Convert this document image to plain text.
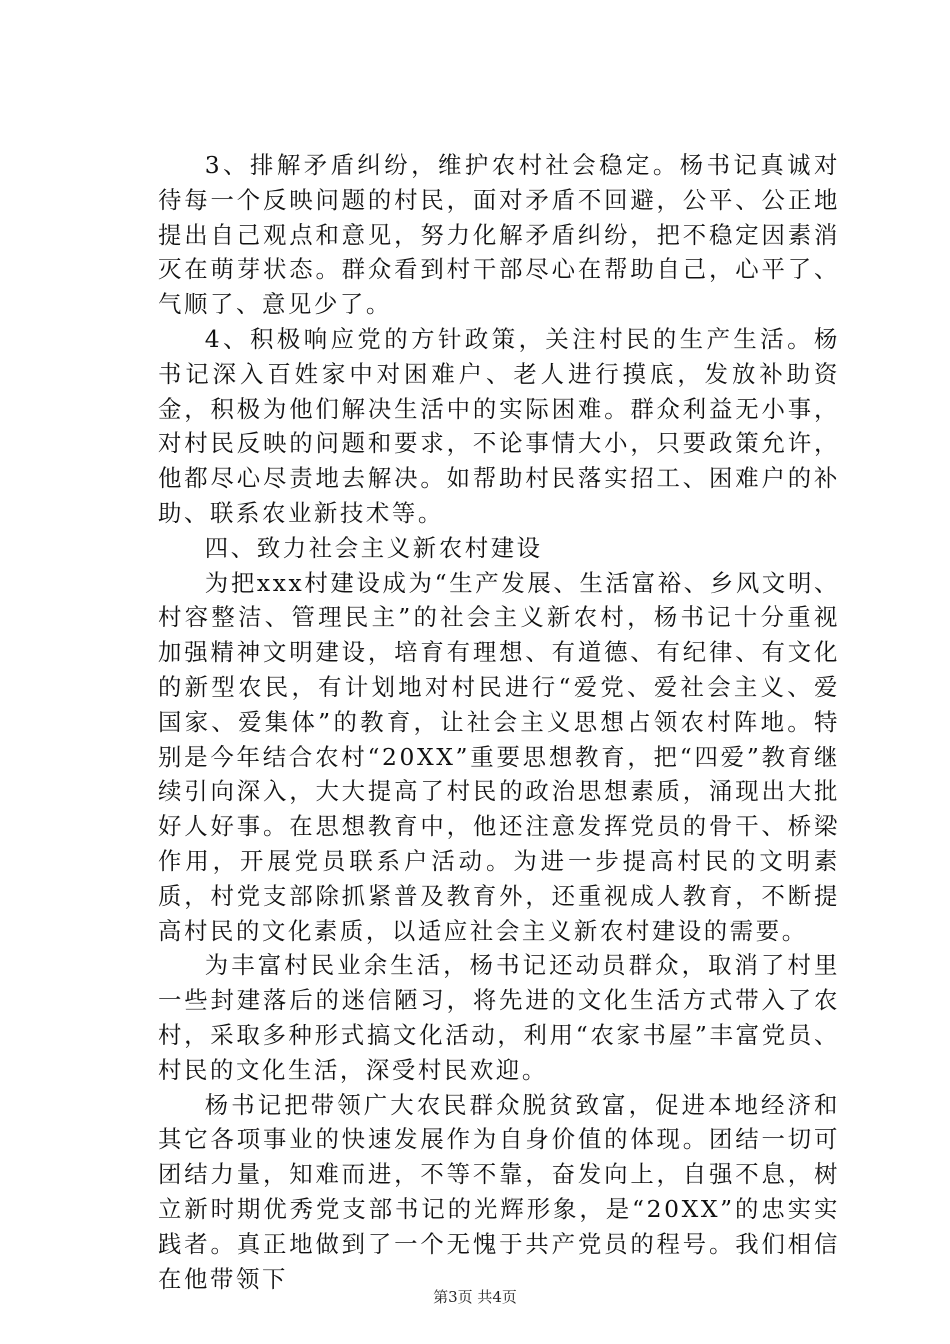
3、排解矛盾纠纷，维护农村社会稳定。杨书记真诚对待每一个反映问题的村民，面对矛盾不回避，公平、公正地提出自己观点和意见，努力化解矛盾纠纷，把不稳定因素消灭在萌芽状态。群众看到村干部尽心在帮助自己，心平了、气顺了、意见少了。

4、积极响应党的方针政策，关注村民的生产生活。杨书记深入百姓家中对困难户、老人进行摸底，发放补助资金，积极为他们解决生活中的实际困难。群众利益无小事，对村民反映的问题和要求，不论事情大小，只要政策允许，他都尽心尽责地去解决。如帮助村民落实招工、困难户的补助、联系农业新技术等。

四、致力社会主义新农村建设

为把xxx村建设成为“生产发展、生活富裕、乡风文明、村容整洁、管理民主”的社会主义新农村，杨书记十分重视加强精神文明建设，培育有理想、有道德、有纪律、有文化的新型农民，有计划地对村民进行“爱党、爱社会主义、爱国家、爱集体”的教育，让社会主义思想占领农村阵地。特别是今年结合农村“20XX”重要思想教育，把“四爱”教育继续引向深入，大大提高了村民的政治思想素质，涌现出大批好人好事。在思想教育中，他还注意发挥党员的骨干、桥梁作用，开展党员联系户活动。为进一步提高村民的文明素质，村党支部除抓紧普及教育外，还重视成人教育，不断提高村民的文化素质，以适应社会主义新农村建设的需要。

为丰富村民业余生活，杨书记还动员群众，取消了村里一些封建落后的迷信陋习，将先进的文化生活方式带入了农村，采取多种形式搞文化活动，利用“农家书屋”丰富党员、村民的文化生活，深受村民欢迎。

杨书记把带领广大农民群众脱贫致富，促进本地经济和其它各项事业的快速发展作为自身价值的体现。团结一切可团结力量，知难而进，不等不靠，奋发向上，自强不息，树立新时期优秀党支部书记的光辉形象，是“20XX”的忠实实践者。真正地做到了一个无愧于共产党员的程号。我们相信在他带领下

第3页 共4页
